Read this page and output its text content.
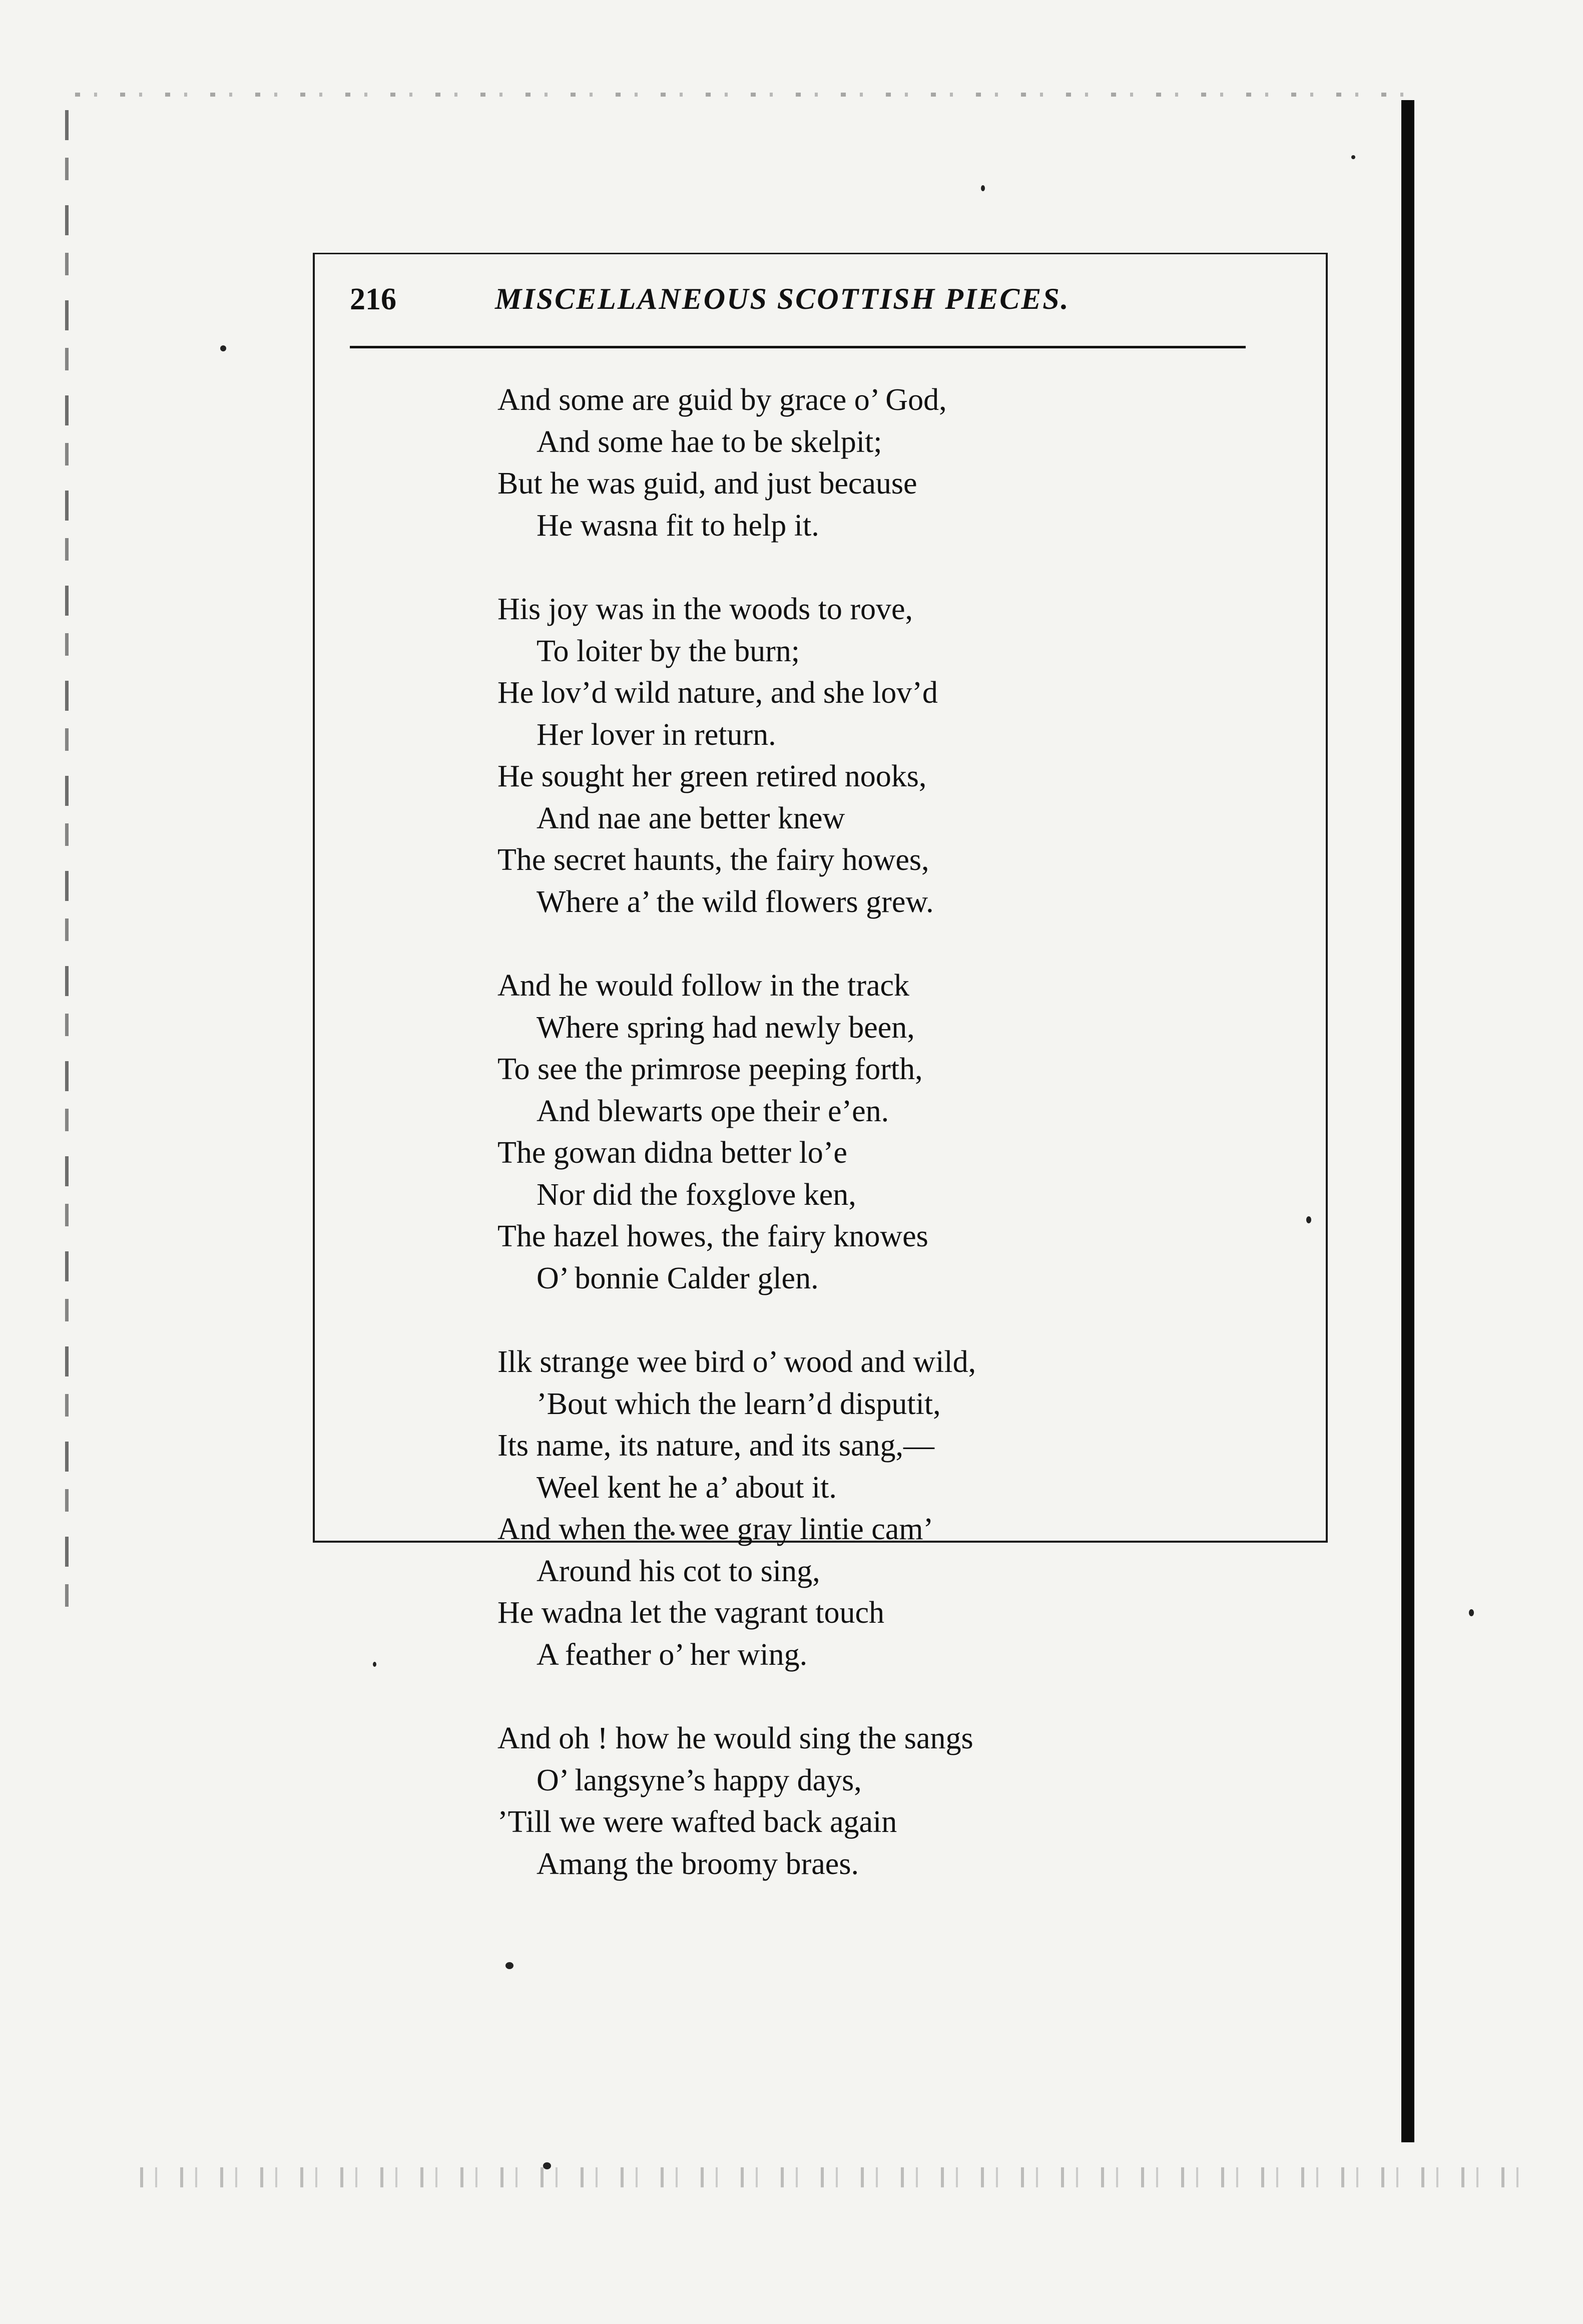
216	MISCELLANEOUS SCOTTISH PIECES.
And some are guid by grace o’ God,
And some hae to be skelpit;
But he was guid, and just because
He wasna fit to help it.
His joy was in the woods to rove,
To loiter by the burn;
He lov’d wild nature, and she lov’d
Her lover in return.
He sought her green retired nooks,
And nae ane better knew
The secret haunts, the fairy howes,
Where a’ the wild flowers grew.
And he would follow in the track
Where spring had newly been,
To see the primrose peeping forth,
And blewarts ope their e’en.
The gowan didna better lo’e
Nor did the foxglove ken,
The hazel howes, the fairy knowes
O’ bonnie Calder glen.
Ilk strange wee bird o’ wood and wild,
’Bout which the learn’d disputit,
Its name, its nature, and its sang,—
Weel kent he a’ about it.
And when the wee gray lintie cam’
Around his cot to sing,
He wadna let the vagrant touch
A feather o’ her wing.
And oh ! how he would sing the sangs
O’ langsyne’s happy days,
’Till we were wafted back again
Amang the broomy braes.
